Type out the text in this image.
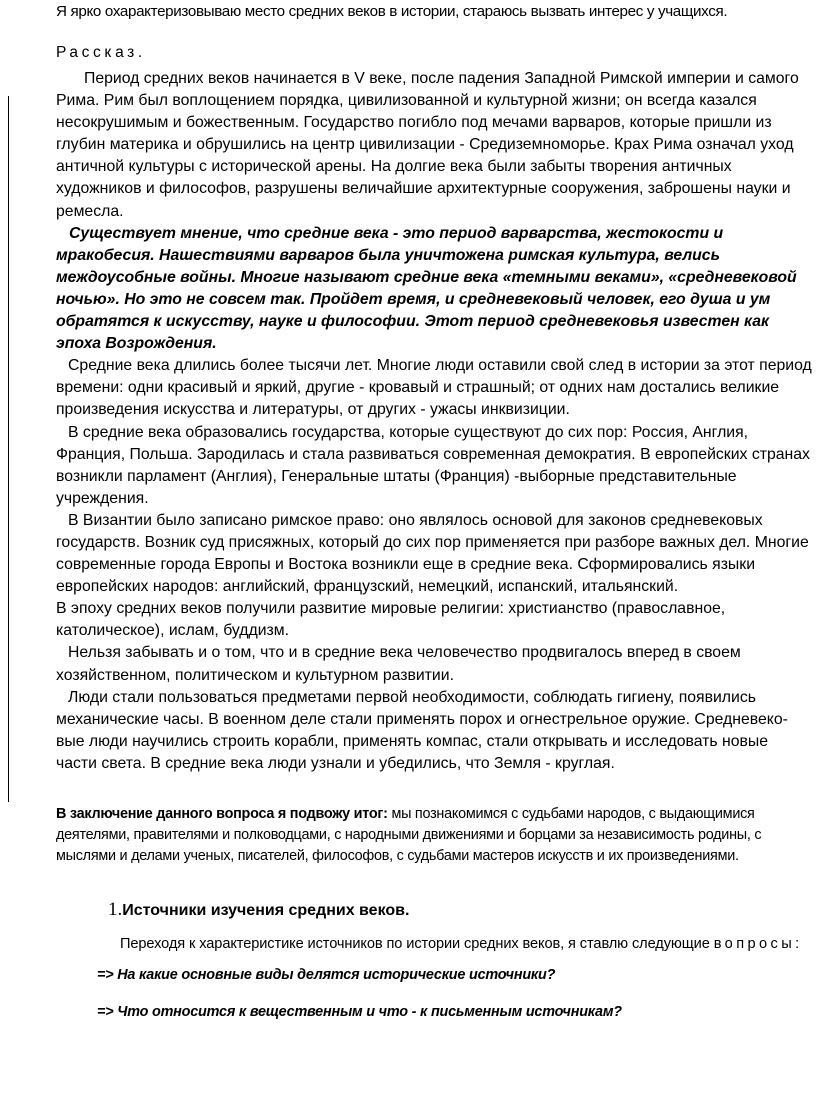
Я ярко охарактеризовываю место средних веков в истории, стараюсь вызвать интерес у учащихся.
Рассказ.

Период средних веков начинается в V веке, после падения Западной Римской империи и самого Рима. Рим был воплощением порядка, цивилизованной и культурной жизни; он всегда казался несокрушимым и божественным. Государство погибло под мечами варваров, которые пришли из глубин материка и обрушились на центр цивилизации - Средиземноморье. Крах Рима означал уход античной культуры с исторической арены. На долгие века были забыты творения античных художников и философов, разрушены величайшие архитектурные сооружения, заброшены науки и ремесла.

Существует мнение, что средние века - это период варварства, жестокости и мракобесия. Нашествиями варваров была уничтожена римская культура, велись междоусобные войны. Многие называют средние века «темными веками», «средневековой ночью». Но это не совсем так. Пройдет время, и средневековый человек, его душа и ум обратятся к искусству, науке и философии. Этот период средневековья известен как эпоха Возрождения.

Средние века длились более тысячи лет. Многие люди оставили свой след в истории за этот период времени: одни красивый и яркий, другие - кровавый и страшный; от одних нам достались великие произведения искусства и литературы, от других - ужасы инквизиции.

В средние века образовались государства, которые существуют до сих пор: Россия, Англия, Франция, Польша. Зародилась и стала развиваться современная демократия. В европейских странах возникли парламент (Англия), Генеральные штаты (Франция) -выборные представительные учреждения.

В Византии было записано римское право: оно являлось основой для законов средневековых государств. Возник суд присяжных, который до сих пор применяется при разборе важных дел. Многие современные города Европы и Востока возникли еще в средние века. Сформировались языки европейских народов: английский, французский, немецкий, испанский, итальянский.

В эпоху средних веков получили развитие мировые религии: христианство (православное, католическое), ислам, буддизм.

Нельзя забывать и о том, что и в средние века человечество продвигалось вперед в своем хозяйственном, политическом и культурном развитии.

Люди стали пользоваться предметами первой необходимости, соблюдать гигиену, появились механические часы. В военном деле стали применять порох и огнестрельное оружие. Средневеко-вые люди научились строить корабли, применять компас, стали открывать и исследовать новые части света. В средние века люди узнали и убедились, что Земля - круглая.

В заключение данного вопроса я подвожу итог: мы познакомимся с судьбами народов, с выдающимися деятелями, правителями и полководцами, с народными движениями и борцами за независимость родины, с мыслями и делами ученых, писателей, философов, с судьбами мастеров искусств и их произведениями.
1.Источники изучения средних веков.
Переходя к характеристике источников по истории средних веков, я ставлю следующие вопросы:
=> На какие основные виды делятся исторические источники?
=> Что относится к вещественным и что - к письменным источникам?
